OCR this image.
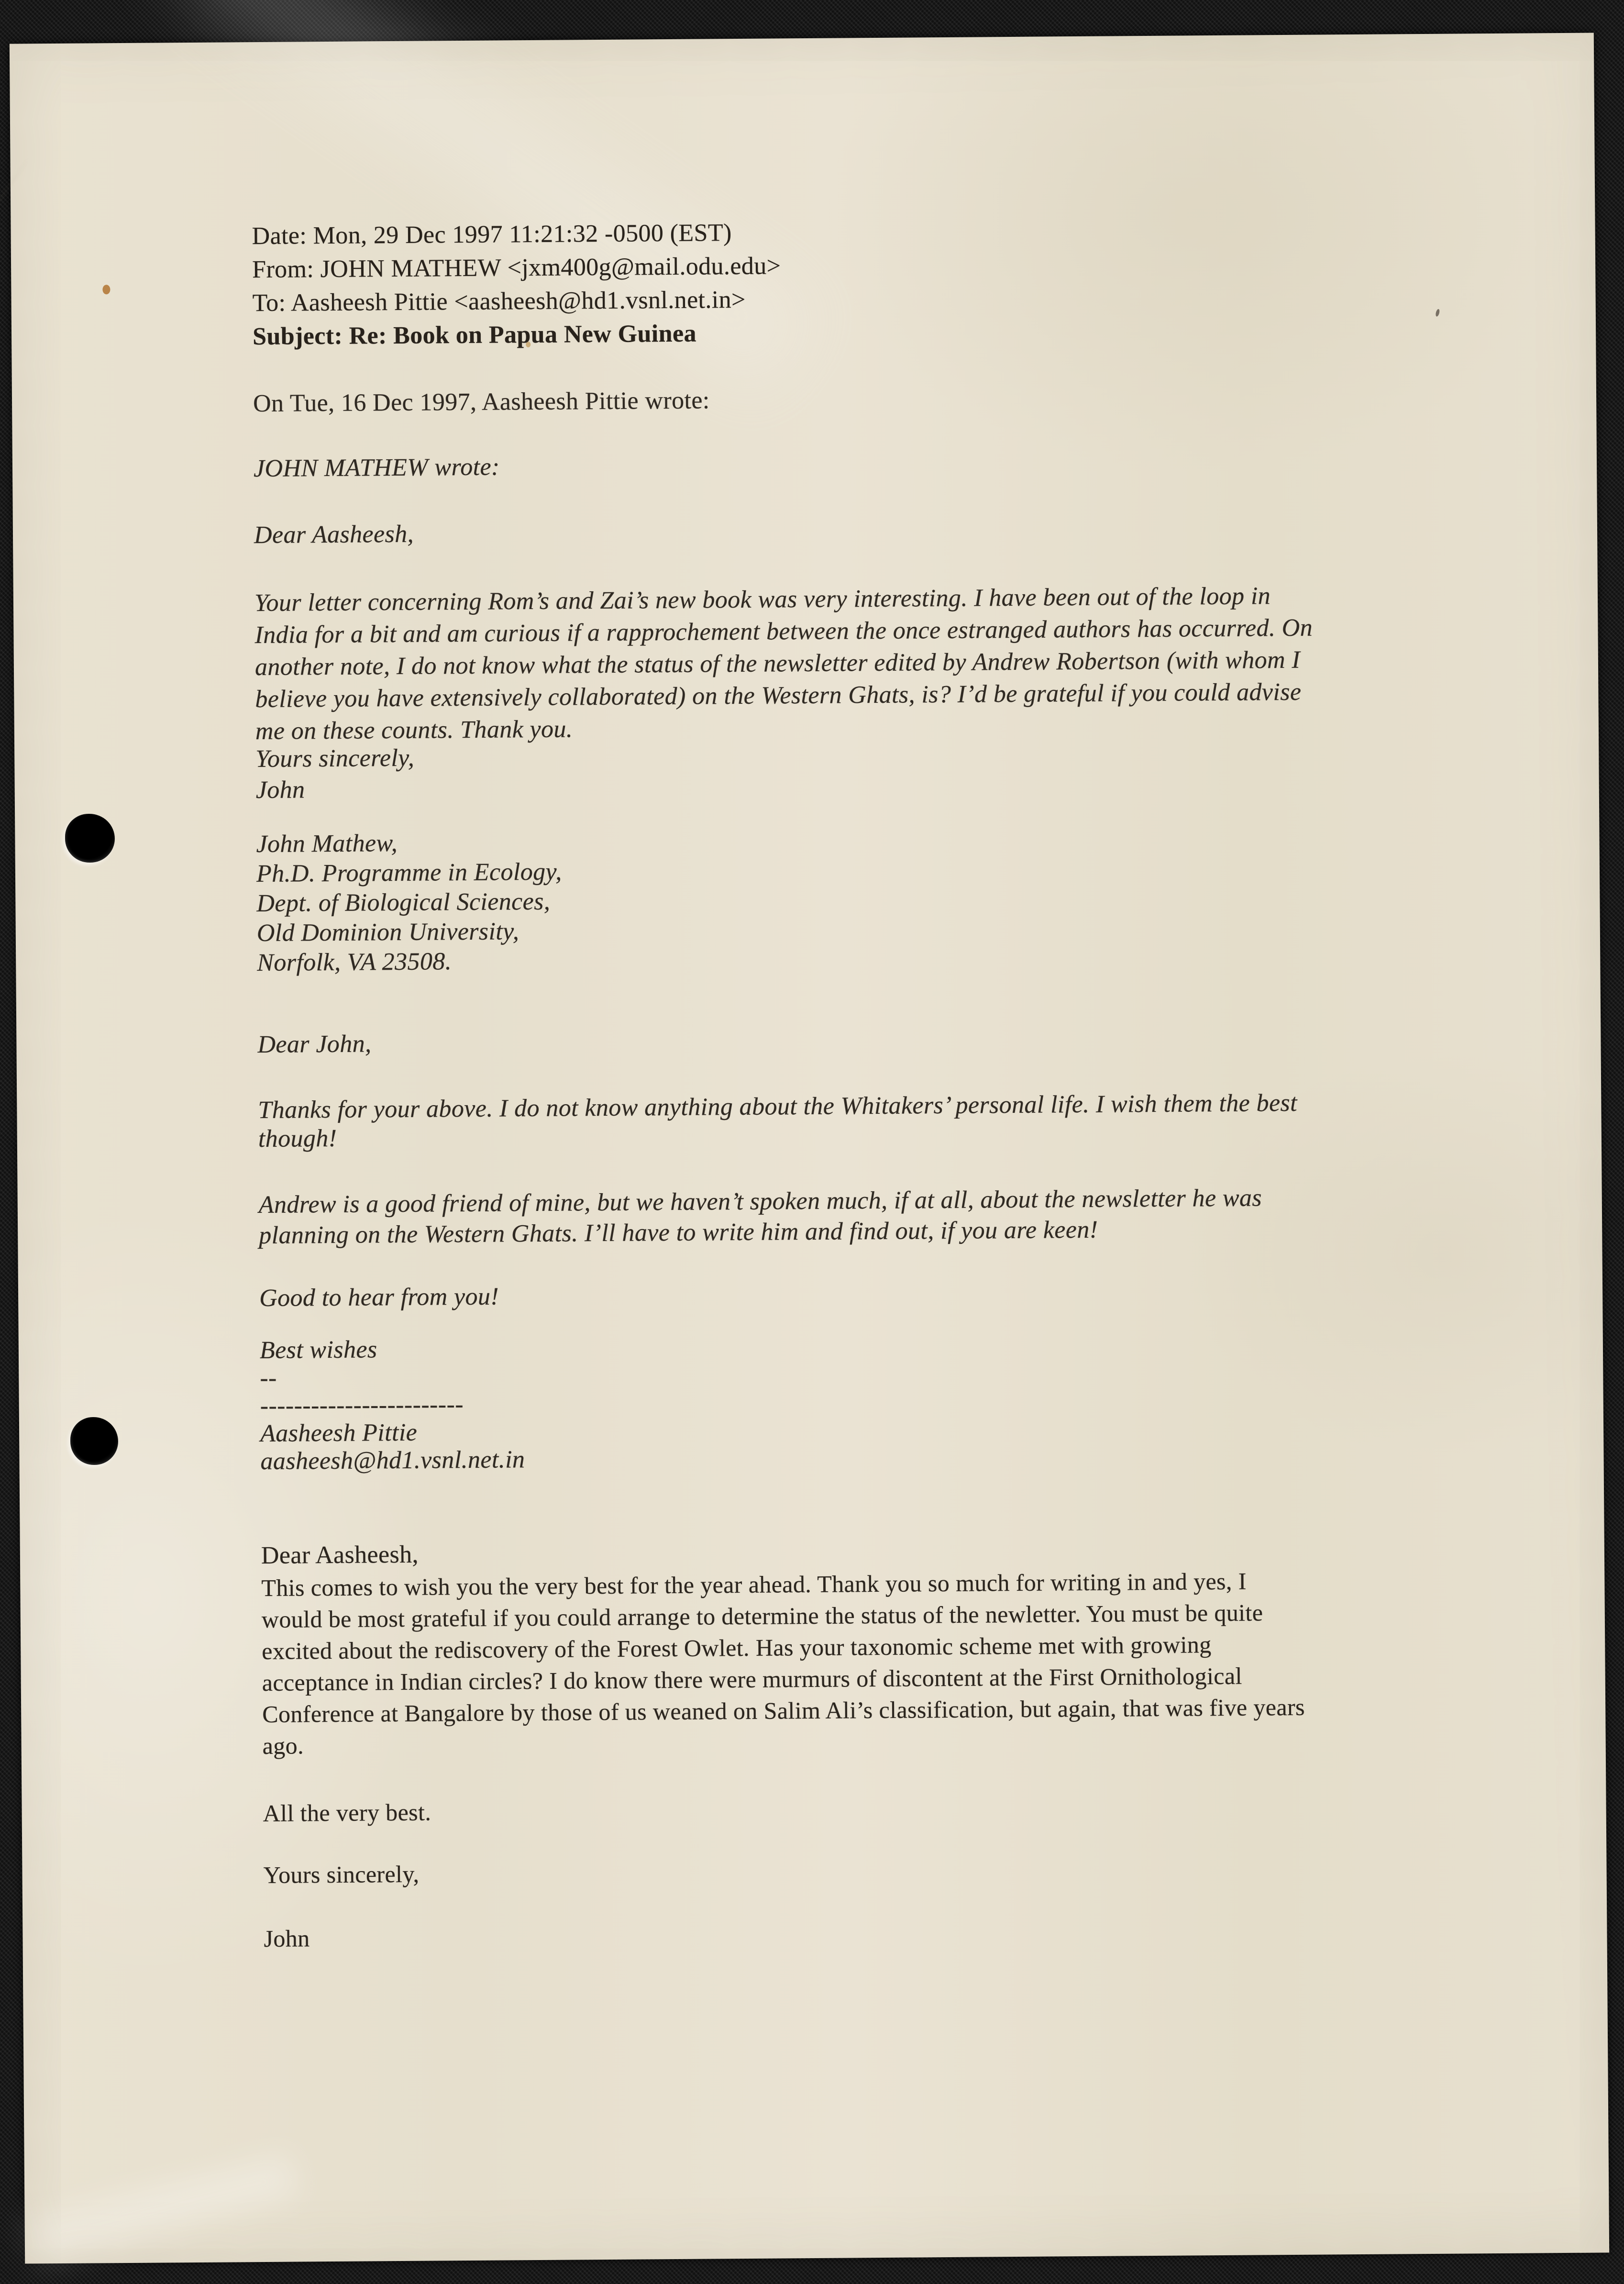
Date: Mon, 29 Dec 1997 11:21:32 -0500 (EST)
From: JOHN MATHEW <jxm400g@mail.odu.edu>
To: Aasheesh Pittie <aasheesh@hd1.vsnl.net.in>
Subject: Re: Book on Papua New Guinea
On Tue, 16 Dec 1997, Aasheesh Pittie wrote:
JOHN MATHEW wrote:
Dear Aasheesh,
Your letter concerning Rom’s and Zai’s new book was very interesting. I have been out of the loop in
India for a bit and am curious if a rapprochement between the once estranged authors has occurred. On
another note, I do not know what the status of the newsletter edited by Andrew Robertson (with whom I
believe you have extensively collaborated) on the Western Ghats, is? I’d be grateful if you could advise
me on these counts. Thank you.
Yours sincerely,
John
John Mathew,
Ph.D. Programme in Ecology,
Dept. of Biological Sciences,
Old Dominion University,
Norfolk, VA 23508.
Dear John,
Thanks for your above. I do not know anything about the Whitakers’ personal life. I wish them the best
though!
Andrew is a good friend of mine, but we haven’t spoken much, if at all, about the newsletter he was
planning on the Western Ghats. I’ll have to write him and find out, if you are keen!
Good to hear from you!
Best wishes
--
------------------------
Aasheesh Pittie
aasheesh@hd1.vsnl.net.in
Dear Aasheesh,
This comes to wish you the very best for the year ahead. Thank you so much for writing in and yes, I
would be most grateful if you could arrange to determine the status of the newletter. You must be quite
excited about the rediscovery of the Forest Owlet. Has your taxonomic scheme met with growing
acceptance in Indian circles? I do know there were murmurs of discontent at the First Ornithological
Conference at Bangalore by those of us weaned on Salim Ali’s classification, but again, that was five years
ago.
All the very best.
Yours sincerely,
John
